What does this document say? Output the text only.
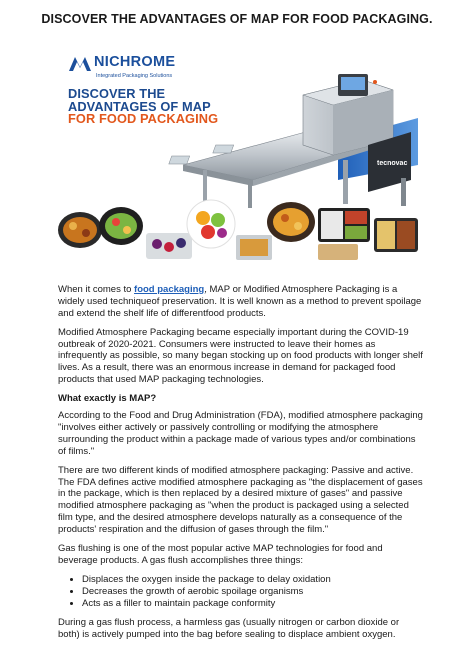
DISCOVER THE ADVANTAGES OF MAP FOR FOOD PACKAGING.
NICHROME
Integrated Packaging Solutions
DISCOVER THE
ADVANTAGES OF MAP
FOR FOOD PACKAGING
tecnovac

When it comes to food packaging, MAP or Modified Atmosphere Packaging is a widely used techniqueof preservation. It is well known as a method to prevent spoilage and extend the shelf life of differentfood products.

Modified Atmosphere Packaging became especially important during the COVID-19 outbreak of 2020-2021. Consumers were instructed to leave their homes as infrequently as possible, so many began stocking up on food products with longer shelf lives. As a result, there was an enormous increase in demand for packaged food products that used MAP packaging technologies.

What exactly is MAP?

According to the Food and Drug Administration (FDA), modified atmosphere packaging "involves either actively or passively controlling or modifying the atmosphere surrounding the product within a package made of various types and/or combinations of films."

There are two different kinds of modified atmosphere packaging: Passive and active. The FDA defines active modified atmosphere packaging as "the displacement of gases in the package, which is then replaced by a desired mixture of gases" and passive modified atmosphere packaging as "when the product is packaged using a selected film type, and the desired atmosphere develops naturally as a consequence of the products' respiration and the diffusion of gases through the film."

Gas flushing is one of the most popular active MAP technologies for food and beverage products. A gas flush accomplishes three things:

• Displaces the oxygen inside the package to delay oxidation
• Decreases the growth of aerobic spoilage organisms
• Acts as a filler to maintain package conformity

During a gas flush process, a harmless gas (usually nitrogen or carbon dioxide or both) is actively pumped into the bag before sealing to displace ambient oxygen.
